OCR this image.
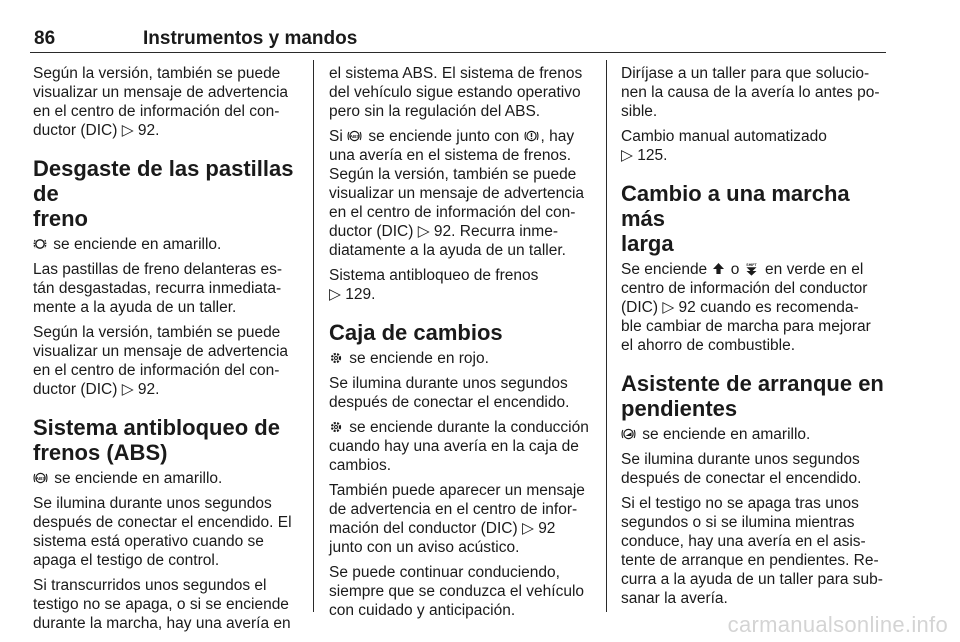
86	Instrumentos y mandos

Según la versión, también se puede
visualizar un mensaje de advertencia
en el centro de información del con-
ductor (DIC) ▷ 92.

Desgaste de las pastillas de
freno

se enciende en amarillo.

Las pastillas de freno delanteras es-
tán desgastadas, recurra inmediata-
mente a la ayuda de un taller.

Según la versión, también se puede
visualizar un mensaje de advertencia
en el centro de información del con-
ductor (DIC) ▷ 92.

Sistema antibloqueo de
frenos (ABS)

ABS se enciende en amarillo.

Se ilumina durante unos segundos
después de conectar el encendido. El
sistema está operativo cuando se
apaga el testigo de control.

Si transcurridos unos segundos el
testigo no se apaga, o si se enciende
durante la marcha, hay una avería en

el sistema ABS. El sistema de frenos
del vehículo sigue estando operativo
pero sin la regulación del ABS.

Si ABS se enciende junto con
, hay
una avería en el sistema de frenos.
Según la versión, también se puede
visualizar un mensaje de advertencia
en el centro de información del con-
ductor (DIC) ▷ 92. Recurra inme-
diatamente a la ayuda de un taller.

Sistema antibloqueo de frenos
▷ 129.

Caja de cambios

se enciende en rojo.

Se ilumina durante unos segundos
después de conectar el encendido.

se enciende durante la conducción
cuando hay una avería en la caja de
cambios.

También puede aparecer un mensaje
de advertencia en el centro de infor-
mación del conductor (DIC) ▷ 92
junto con un aviso acústico.

Se puede continuar conduciendo,
siempre que se conduzca el vehículo
con cuidado y anticipación.

Diríjase a un taller para que solucio-
nen la causa de la avería lo antes po-
sible.

Cambio manual automatizado
▷ 125.

Cambio a una marcha más
larga

Se enciende
o SHIFT en verde en el
centro de información del conductor
(DIC) ▷ 92 cuando es recomenda-
ble cambiar de marcha para mejorar
el ahorro de combustible.

Asistente de arranque en
pendientes

se enciende en amarillo.

Se ilumina durante unos segundos
después de conectar el encendido.

Si el testigo no se apaga tras unos
segundos o si se ilumina mientras
conduce, hay una avería en el asis-
tente de arranque en pendientes. Re-
curra a la ayuda de un taller para sub-
sanar la avería.

carmanualsonline.info
